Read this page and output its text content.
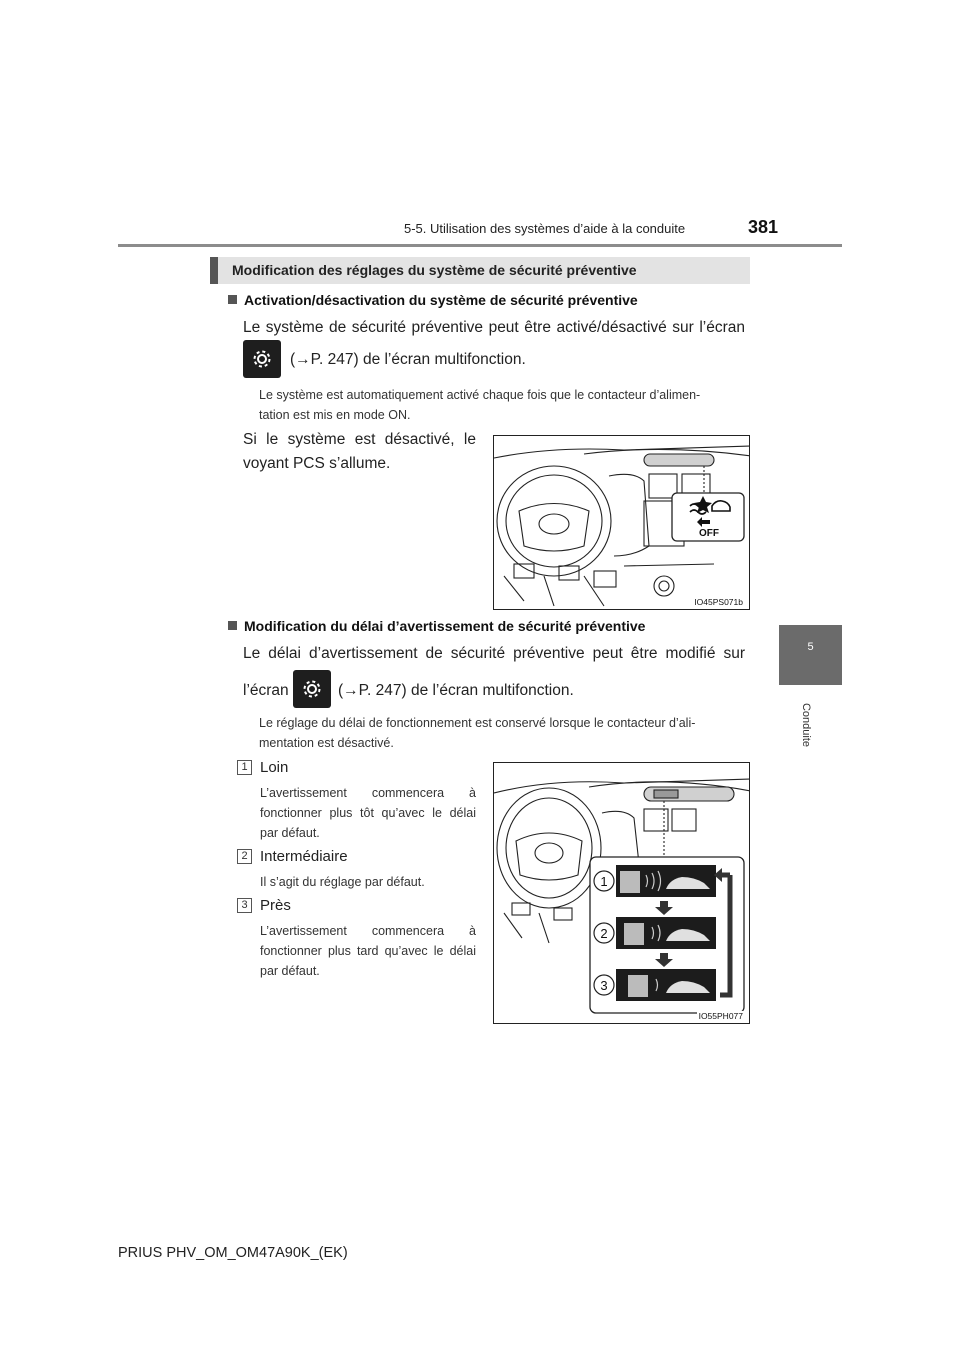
5-5. Utilisation des systèmes d’aide à la conduite	381
5
Conduite
Modification des réglages du système de sécurité préventive
Activation/désactivation du système de sécurité préventive
Le système de sécurité préventive peut être activé/désactivé sur l’écran
(→P. 247) de l’écran multifonction.
Le système est automatiquement activé chaque fois que le contacteur d’alimen-
tation est mis en mode ON.
Si le système est désactivé, le
voyant PCS s’allume.
OFF
IO45PS071b
Modification du délai d’avertissement de sécurité préventive
Le délai d’avertissement de sécurité préventive peut être modifié sur
l’écran	(→P. 247) de l’écran multifonction.
Le réglage du délai de fonctionnement est conservé lorsque le contacteur d’ali-
mentation est désactivé.
1 Loin
L’avertissement commencera à fonctionner plus tôt qu’avec le délai par défaut.
2 Intermédiaire
Il s’agit du réglage par défaut.
3 Près
L’avertissement commencera à fonctionner plus tard qu’avec le délai par défaut.
1
2
3
IO55PH077
PRIUS PHV_OM_OM47A90K_(EK)
